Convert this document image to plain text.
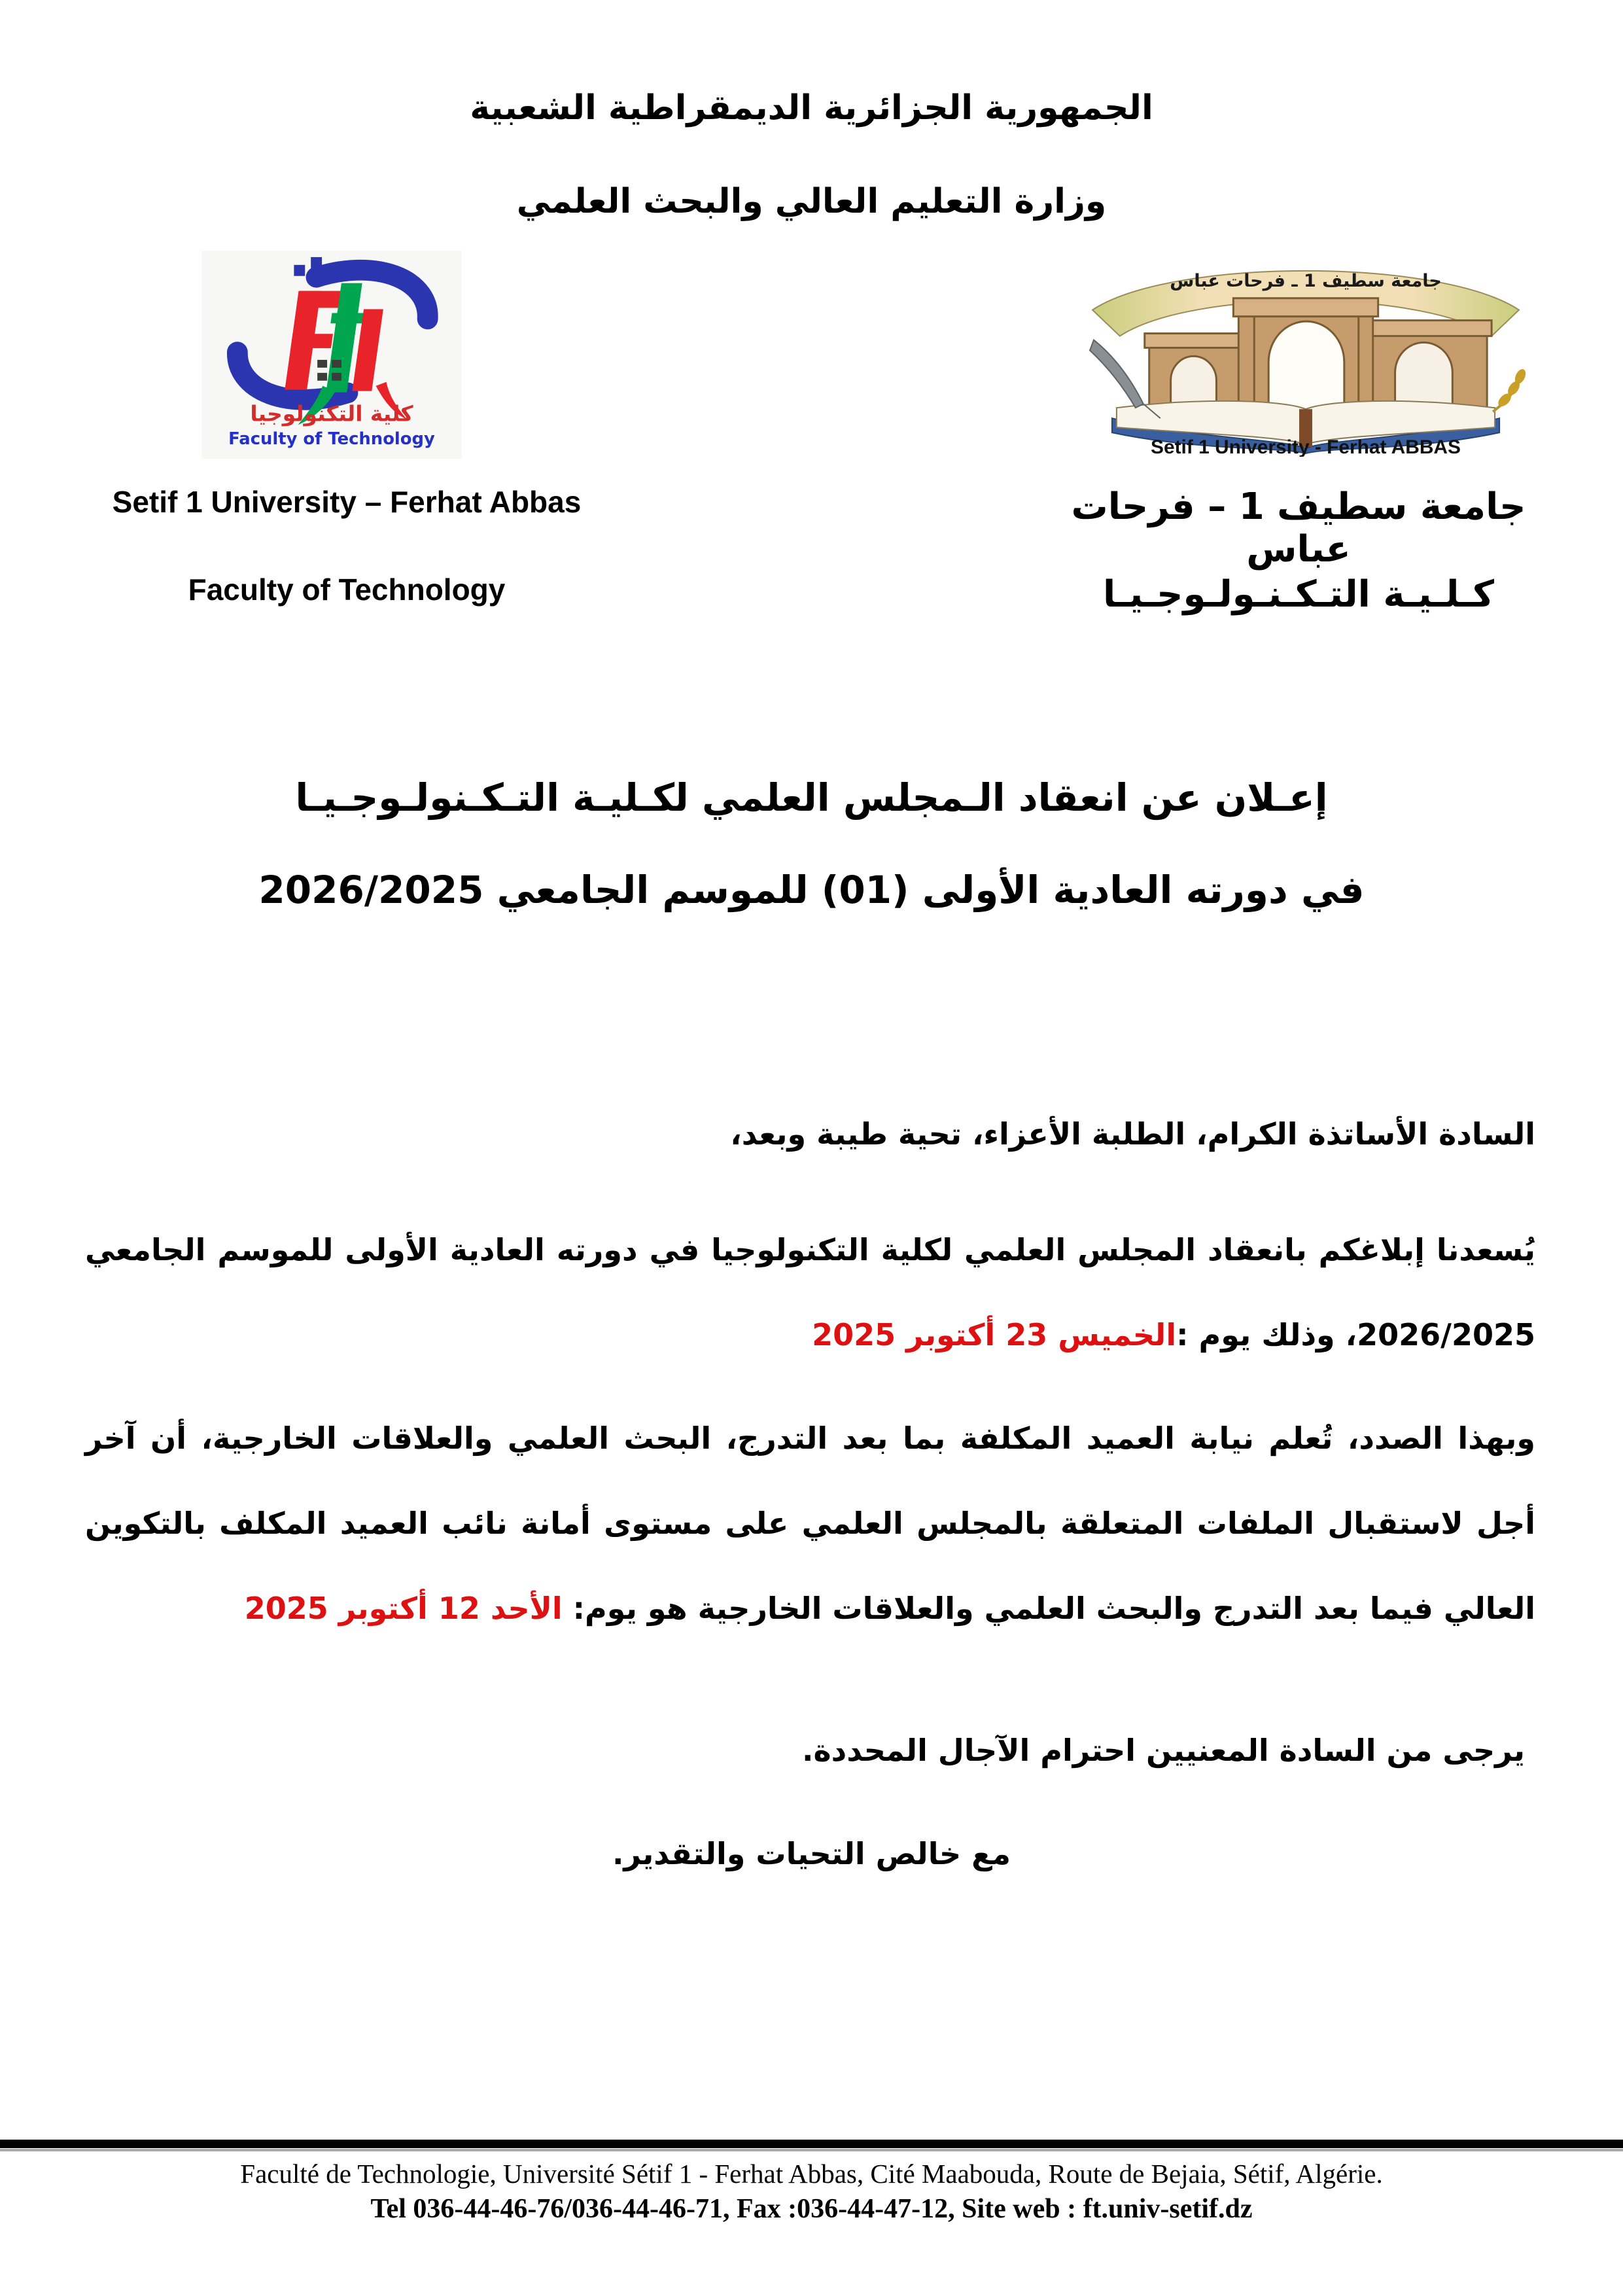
الجمهورية الجزائرية الديمقراطية الشعبية
وزارة التعليم العالي والبحث العلمي
كلية التكنولوجيا
Faculty of Technology
جامعة سطيف 1 ـ فرحات عباس
Setif 1 University - Ferhat ABBAS
Setif 1 University – Ferhat Abbas
Faculty of Technology
جامعة سطيف 1 – فرحات عباس
كـلـيـة التـكـنـولـوجـيـا
إعـلان عن انعقاد الـمجلس العلمي لكـليـة التـكـنولـوجـيـا
في دورته العادية الأولى (01) للموسم الجامعي 2026/2025
السادة الأساتذة الكرام، الطلبة الأعزاء، تحية طيبة وبعد،

يُسعدنا إبلاغكم بانعقاد المجلس العلمي لكلية التكنولوجيا في دورته العادية الأولى للموسم الجامعي 2026/2025، وذلك يوم :الخميس 23 أكتوبر 2025

وبهذا الصدد، تُعلم نيابة العميد المكلفة بما بعد التدرج، البحث العلمي والعلاقات الخارجية، أن آخر أجل لاستقبال الملفات المتعلقة بالمجلس العلمي على مستوى أمانة نائب العميد المكلف بالتكوين العالي فيما بعد التدرج والبحث العلمي والعلاقات الخارجية هو يوم: الأحد 12 أكتوبر 2025

يرجى من السادة المعنيين احترام الآجال المحددة.
مع خالص التحيات والتقدير.
Faculté de Technologie, Université Sétif 1 - Ferhat Abbas, Cité Maabouda, Route de Bejaia, Sétif, Algérie.
Tel 036-44-46-76/036-44-46-71, Fax :036-44-47-12, Site web : ft.univ-setif.dz
